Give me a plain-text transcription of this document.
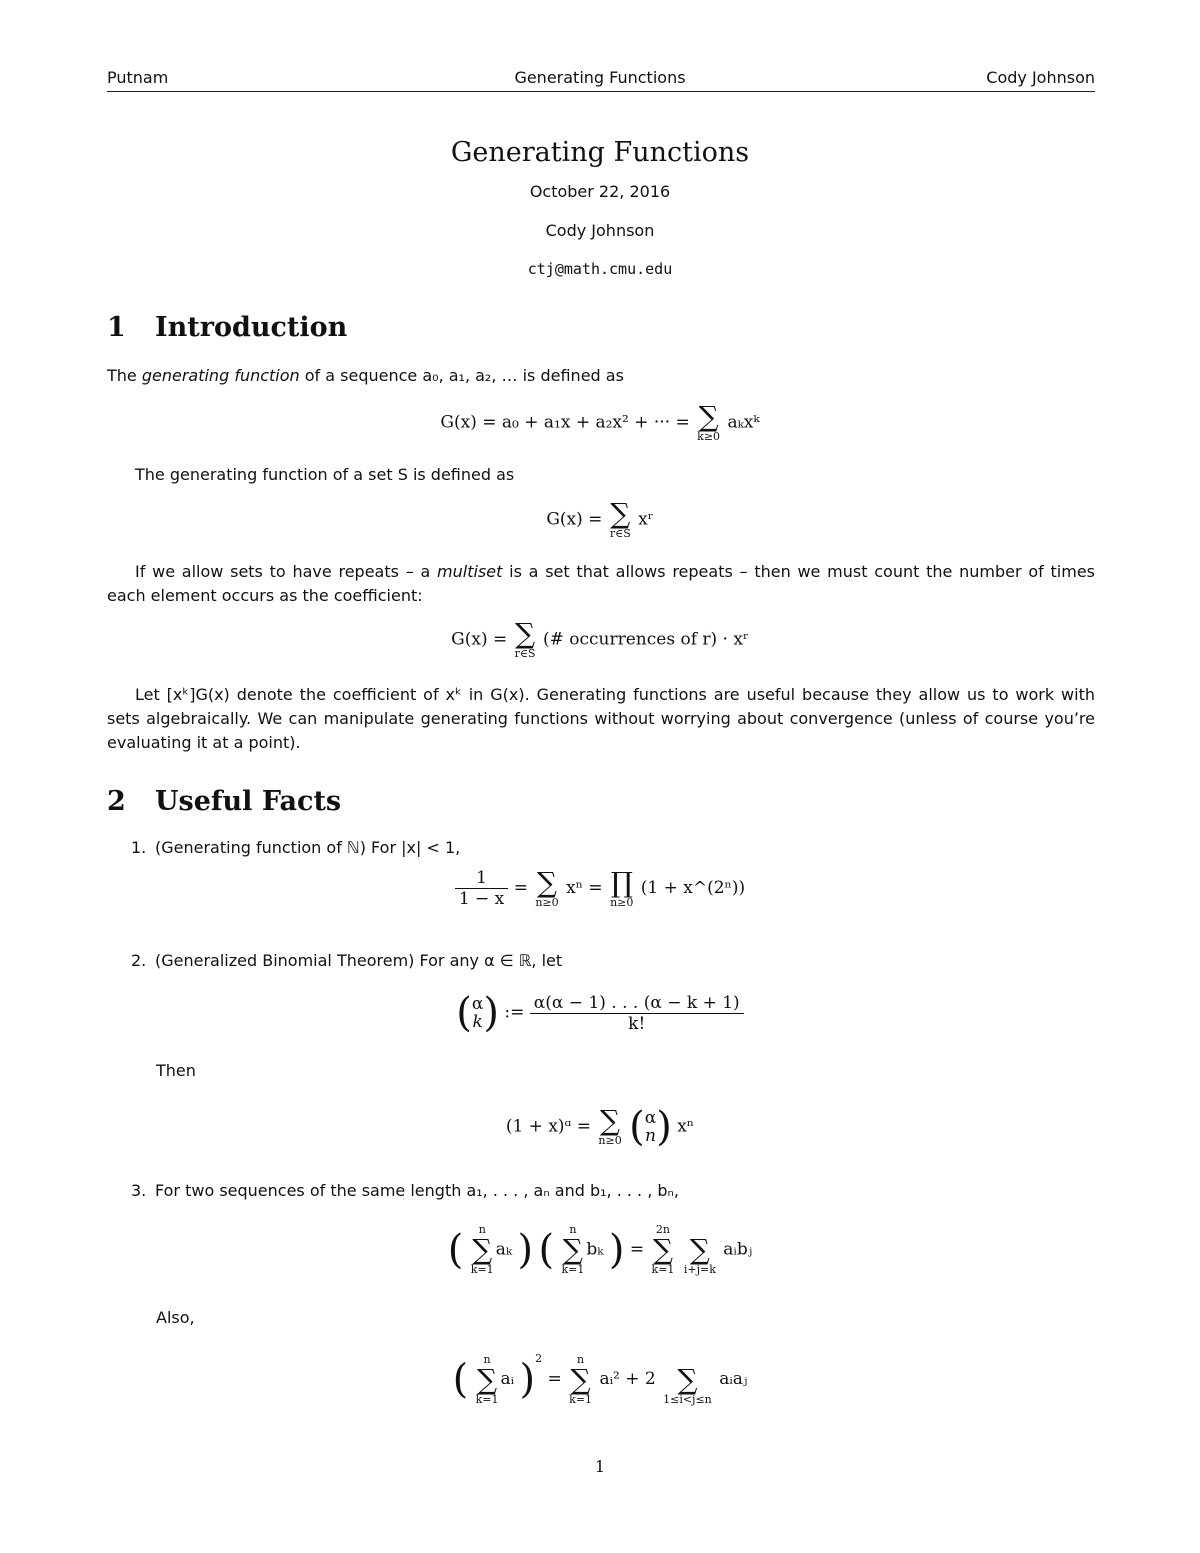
Putnam	Generating Functions	Cody Johnson
Generating Functions
October 22, 2016
Cody Johnson
ctj@math.cmu.edu
1 Introduction
The generating function of a sequence a₀, a₁, a₂, … is defined as
G(x) = a₀ + a₁x + a₂x² + ··· = ∑
k≥0
aₖxᵏ
The generating function of a set S is defined as
G(x) = ∑
r∈S
xʳ
If we allow sets to have repeats – a multiset is a set that allows repeats – then we must count the number of times each element occurs as the coefficient:
G(x) = ∑
r∈S
(# occurrences of r) · xʳ
Let [xᵏ]G(x) denote the coefficient of xᵏ in G(x). Generating functions are useful because they allow us to work with sets algebraically. We can manipulate generating functions without worrying about convergence (unless of course you’re evaluating it at a point).
2 Useful Facts
1. (Generating function of ℕ) For |x| < 1,
$\frac{1}{1 - x}$ = ∑
n≥0
xⁿ = ∏
n≥0
(1 + x^(2ⁿ))
2. (Generalized Binomial Theorem) For any α ∈ ℝ, let
( α
k ) := $\frac{\alpha(\alpha - 1) . . . (\alpha - k + 1)}{k!}$
Then
(1 + x)ᵅ = ∑
n≥0 ( α
n ) xⁿ
3. For two sequences of the same length a₁, . . . , aₙ and b₁, . . . , bₙ,
(	n
∑
k=1
aₖ ) (	n
∑
k=1
bₖ ) =
2n
∑
k=1

∑
i+j=k
aᵢbⱼ
Also,
(	n
∑
k=1
aᵢ )$^2$ =
n
∑
k=1
aᵢ² + 2
∑
1≤i<j≤n
aᵢaⱼ
1
